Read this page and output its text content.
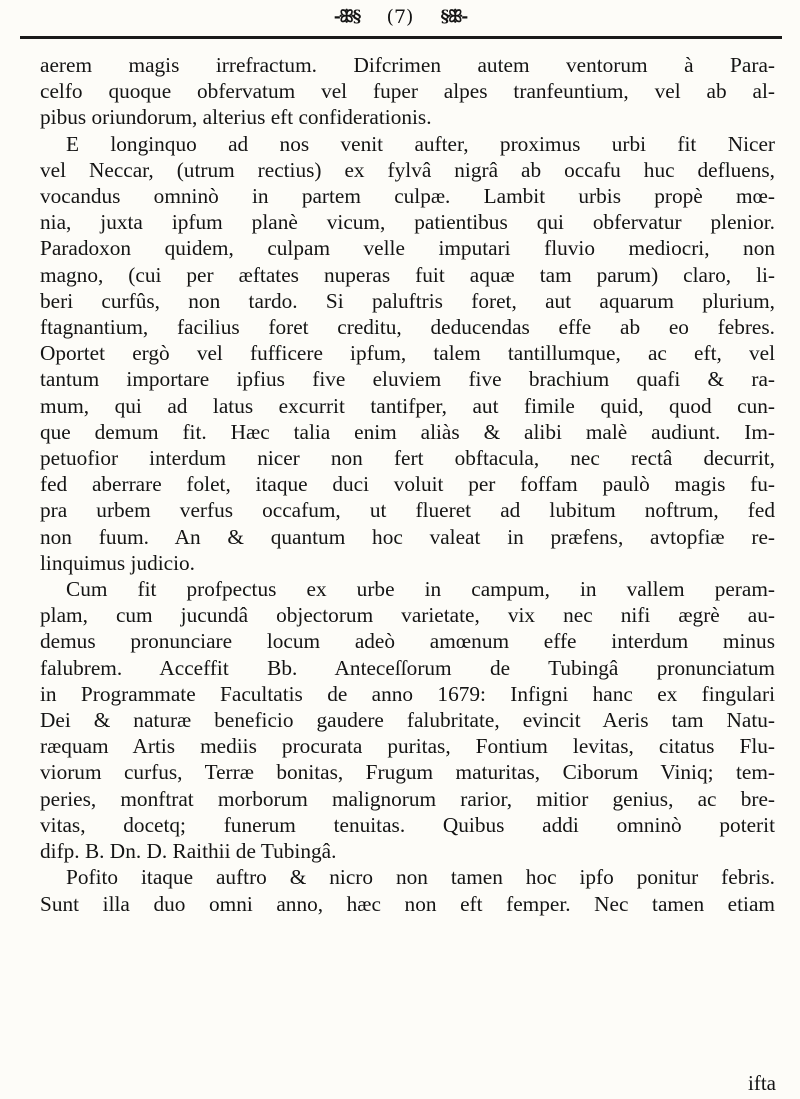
-ꕥ§ (7) §ꕥ-
aerem magis irrefractum. Difcrimen autem ventorum à Para-
celfo quoque obfervatum vel fuper alpes tranfeuntium, vel ab al-
pibus oriundorum, alterius eft confiderationis.
E longinquo ad nos venit aufter, proximus urbi fit Nicer
vel Neccar, (utrum rectius) ex fylvâ nigrâ ab occafu huc defluens,
vocandus omninò in partem culpæ. Lambit urbis propè mœ-
nia, juxta ipfum planè vicum, patientibus qui obfervatur plenior.
Paradoxon quidem, culpam velle imputari fluvio mediocri, non
magno, (cui per æftates nuperas fuit aquæ tam parum) claro, li-
beri curfûs, non tardo. Si paluftris foret, aut aquarum plurium,
ftagnantium, facilius foret creditu, deducendas effe ab eo febres.
Oportet ergò vel fufficere ipfum, talem tantillumque, ac eft, vel
tantum importare ipfius five eluviem five brachium quafi & ra-
mum, qui ad latus excurrit tantifper, aut fimile quid, quod cun-
que demum fit. Hæc talia enim aliàs & alibi malè audiunt. Im-
petuofior interdum nicer non fert obftacula, nec rectâ decurrit,
fed aberrare folet, itaque duci voluit per foffam paulò magis fu-
pra urbem verfus occafum, ut flueret ad lubitum noftrum, fed
non fuum. An & quantum hoc valeat in præfens, avtopfiæ re-
linquimus judicio.
Cum fit profpectus ex urbe in campum, in vallem peram-
plam, cum jucundâ objectorum varietate, vix nec nifi ægrè au-
demus pronunciare locum adeò amœnum effe interdum minus
falubrem. Acceffit Bb. Anteceſſorum de Tubingâ pronunciatum
in Programmate Facultatis de anno 1679: Infigni hanc ex fingulari
Dei & naturæ beneficio gaudere falubritate, evincit Aeris tam Natu-
ræquam Artis mediis procurata puritas, Fontium levitas, citatus Flu-
viorum curfus, Terræ bonitas, Frugum maturitas, Ciborum Viniq; tem-
peries, monftrat morborum malignorum rarior, mitior genius, ac bre-
vitas, docetq; funerum tenuitas. Quibus addi omninò poterit
difp. B. Dn. D. Raithii de Tubingâ.
Pofito itaque auftro & nicro non tamen hoc ipfo ponitur febris.
Sunt illa duo omni anno, hæc non eft femper. Nec tamen etiam
ifta
